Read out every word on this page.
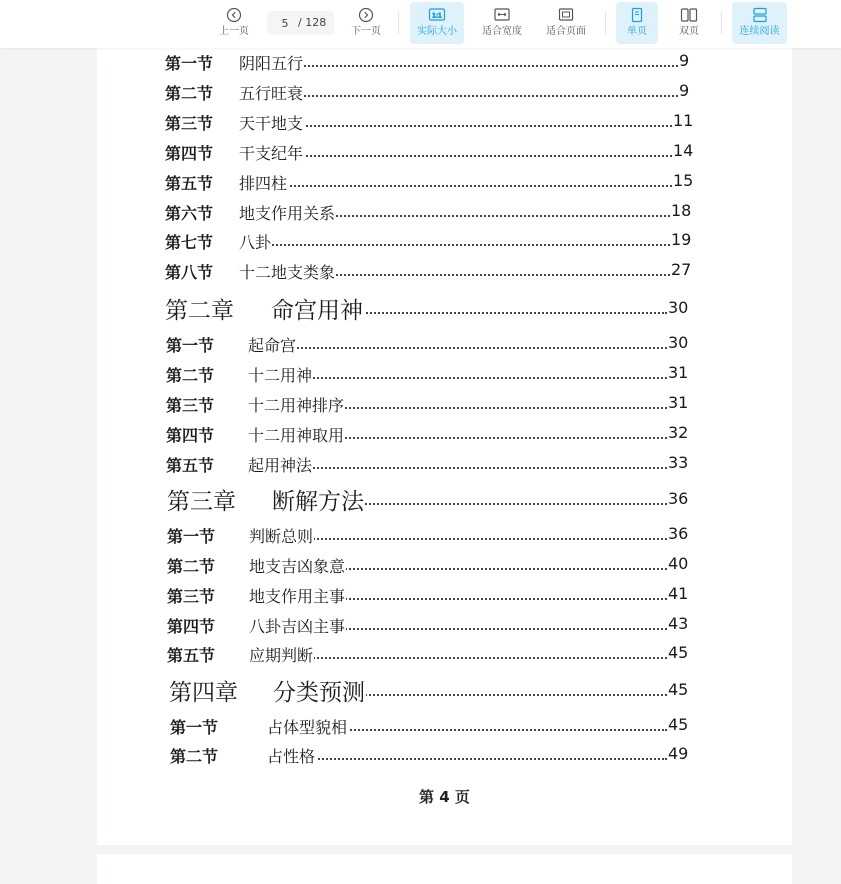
上一页
5
/ 128
下一页
1:1
实际大小	适合宽度	适合页面	单页	双页	连续阅读
第一节 阴阳五行	9
第二节 五行旺衰	9
第三节 天干地支	11
第四节 干支纪年	14
第五节 排四柱	15
第六节 地支作用关系	18
第七节 八卦	19
第八节 十二地支类象	27
第二章 命宫用神	30
第一节 起命宫	30
第二节 十二用神	31
第三节 十二用神排序	31
第四节 十二用神取用	32
第五节 起用神法	33
第三章 断解方法	36
第一节 判断总则	36
第二节 地支吉凶象意	40
第三节 地支作用主事	41
第四节 八卦吉凶主事	43
第五节 应期判断	45
第四章 分类预测	45
第一节	占体型貌相	45
第二节	占性格	49
第 4 页
